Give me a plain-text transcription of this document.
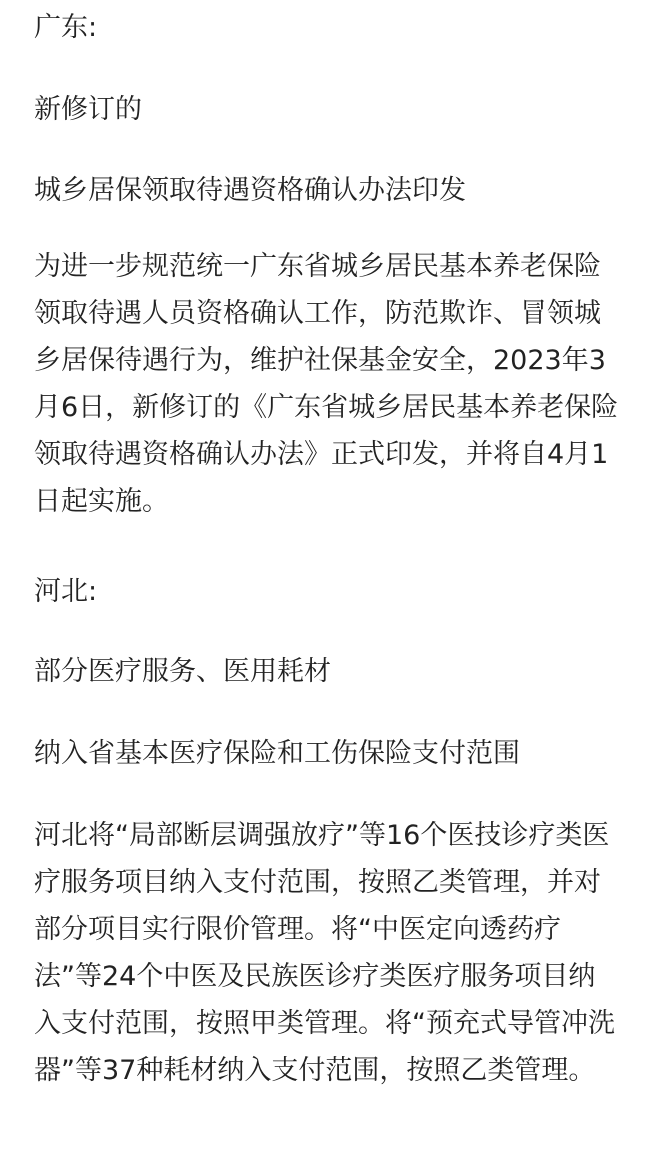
广东:

新修订的

城乡居保领取待遇资格确认办法印发

为进一步规范统一广东省城乡居民基本养老保险领取待遇人员资格确认工作，防范欺诈、冒领城乡居保待遇行为，维护社保基金安全，2023年3月6日，新修订的《广东省城乡居民基本养老保险领取待遇资格确认办法》正式印发，并将自4月1日起实施。

河北:

部分医疗服务、医用耗材

纳入省基本医疗保险和工伤保险支付范围

河北将“局部断层调强放疗”等16个医技诊疗类医疗服务项目纳入支付范围，按照乙类管理，并对部分项目实行限价管理。将“中医定向透药疗法”等24个中医及民族医诊疗类医疗服务项目纳入支付范围，按照甲类管理。将“预充式导管冲洗器”等37种耗材纳入支付范围，按照乙类管理。
